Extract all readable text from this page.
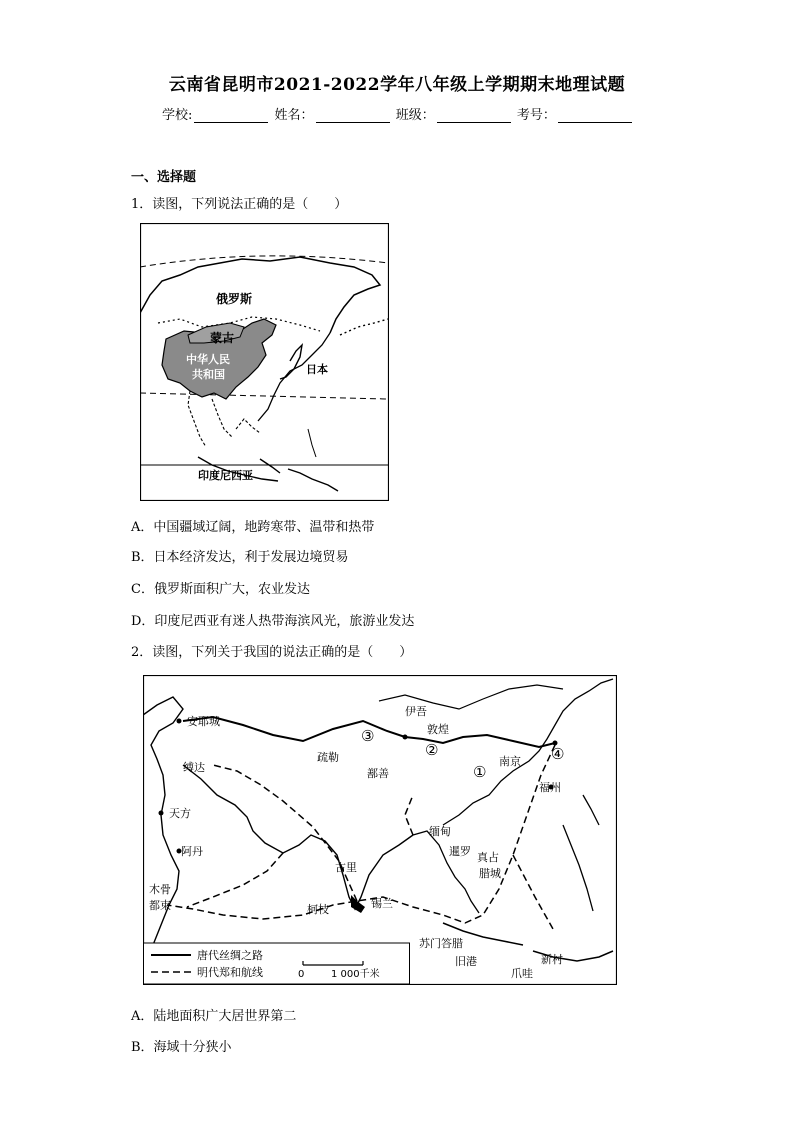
云南省昆明市2021-2022学年八年级上学期期末地理试题
学校:	姓名：	班级：	考号：
一、选择题
1．读图，下列说法正确的是（　　）
俄罗斯
蒙古
中华人民
共和国	日本
印度尼西亚
A．中国疆域辽阔，地跨寒带、温带和热带
B．日本经济发达，利于发展边境贸易
C．俄罗斯面积广大，农业发达
D．印度尼西亚有迷人热带海滨风光，旅游业发达
2．读图，下列关于我国的说法正确的是（　　）
安耶城
伊吾
敦煌
疏勒
鄯善
南京
福州
缚达
天方
阿丹
木骨
都束
古里
柯枝	锡兰
缅甸
暹罗 真占
腊城
苏门答腊
旧港
爪哇
新村
①
②
③
④
唐代丝绸之路
明代郑和航线	0	1 000千米
A．陆地面积广大居世界第二
B．海域十分狭小
